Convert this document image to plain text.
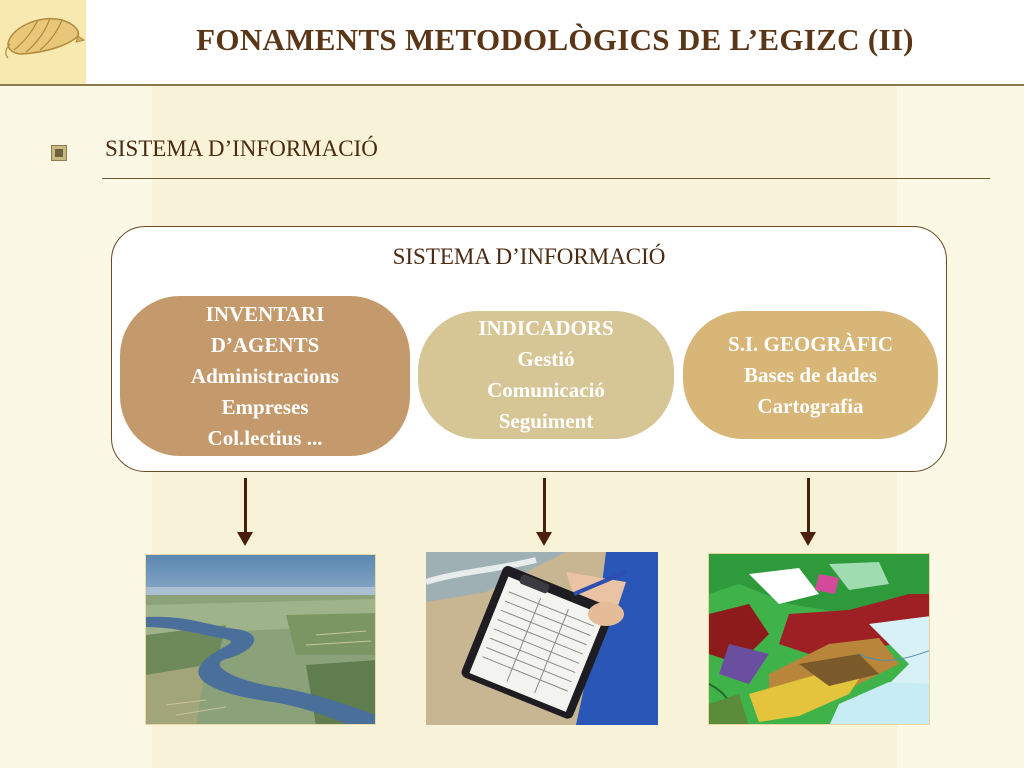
FONAMENTS METODOLÒGICS DE L’EGIZC (II)
SISTEMA D’INFORMACIÓ
SISTEMA D’INFORMACIÓ
INVENTARI
D’AGENTS
Administracions
Empreses
Col.lectius ...
INDICADORS
Gestió
Comunicació
Seguiment
S.I. GEOGRÀFIC
Bases de dades
Cartografia
